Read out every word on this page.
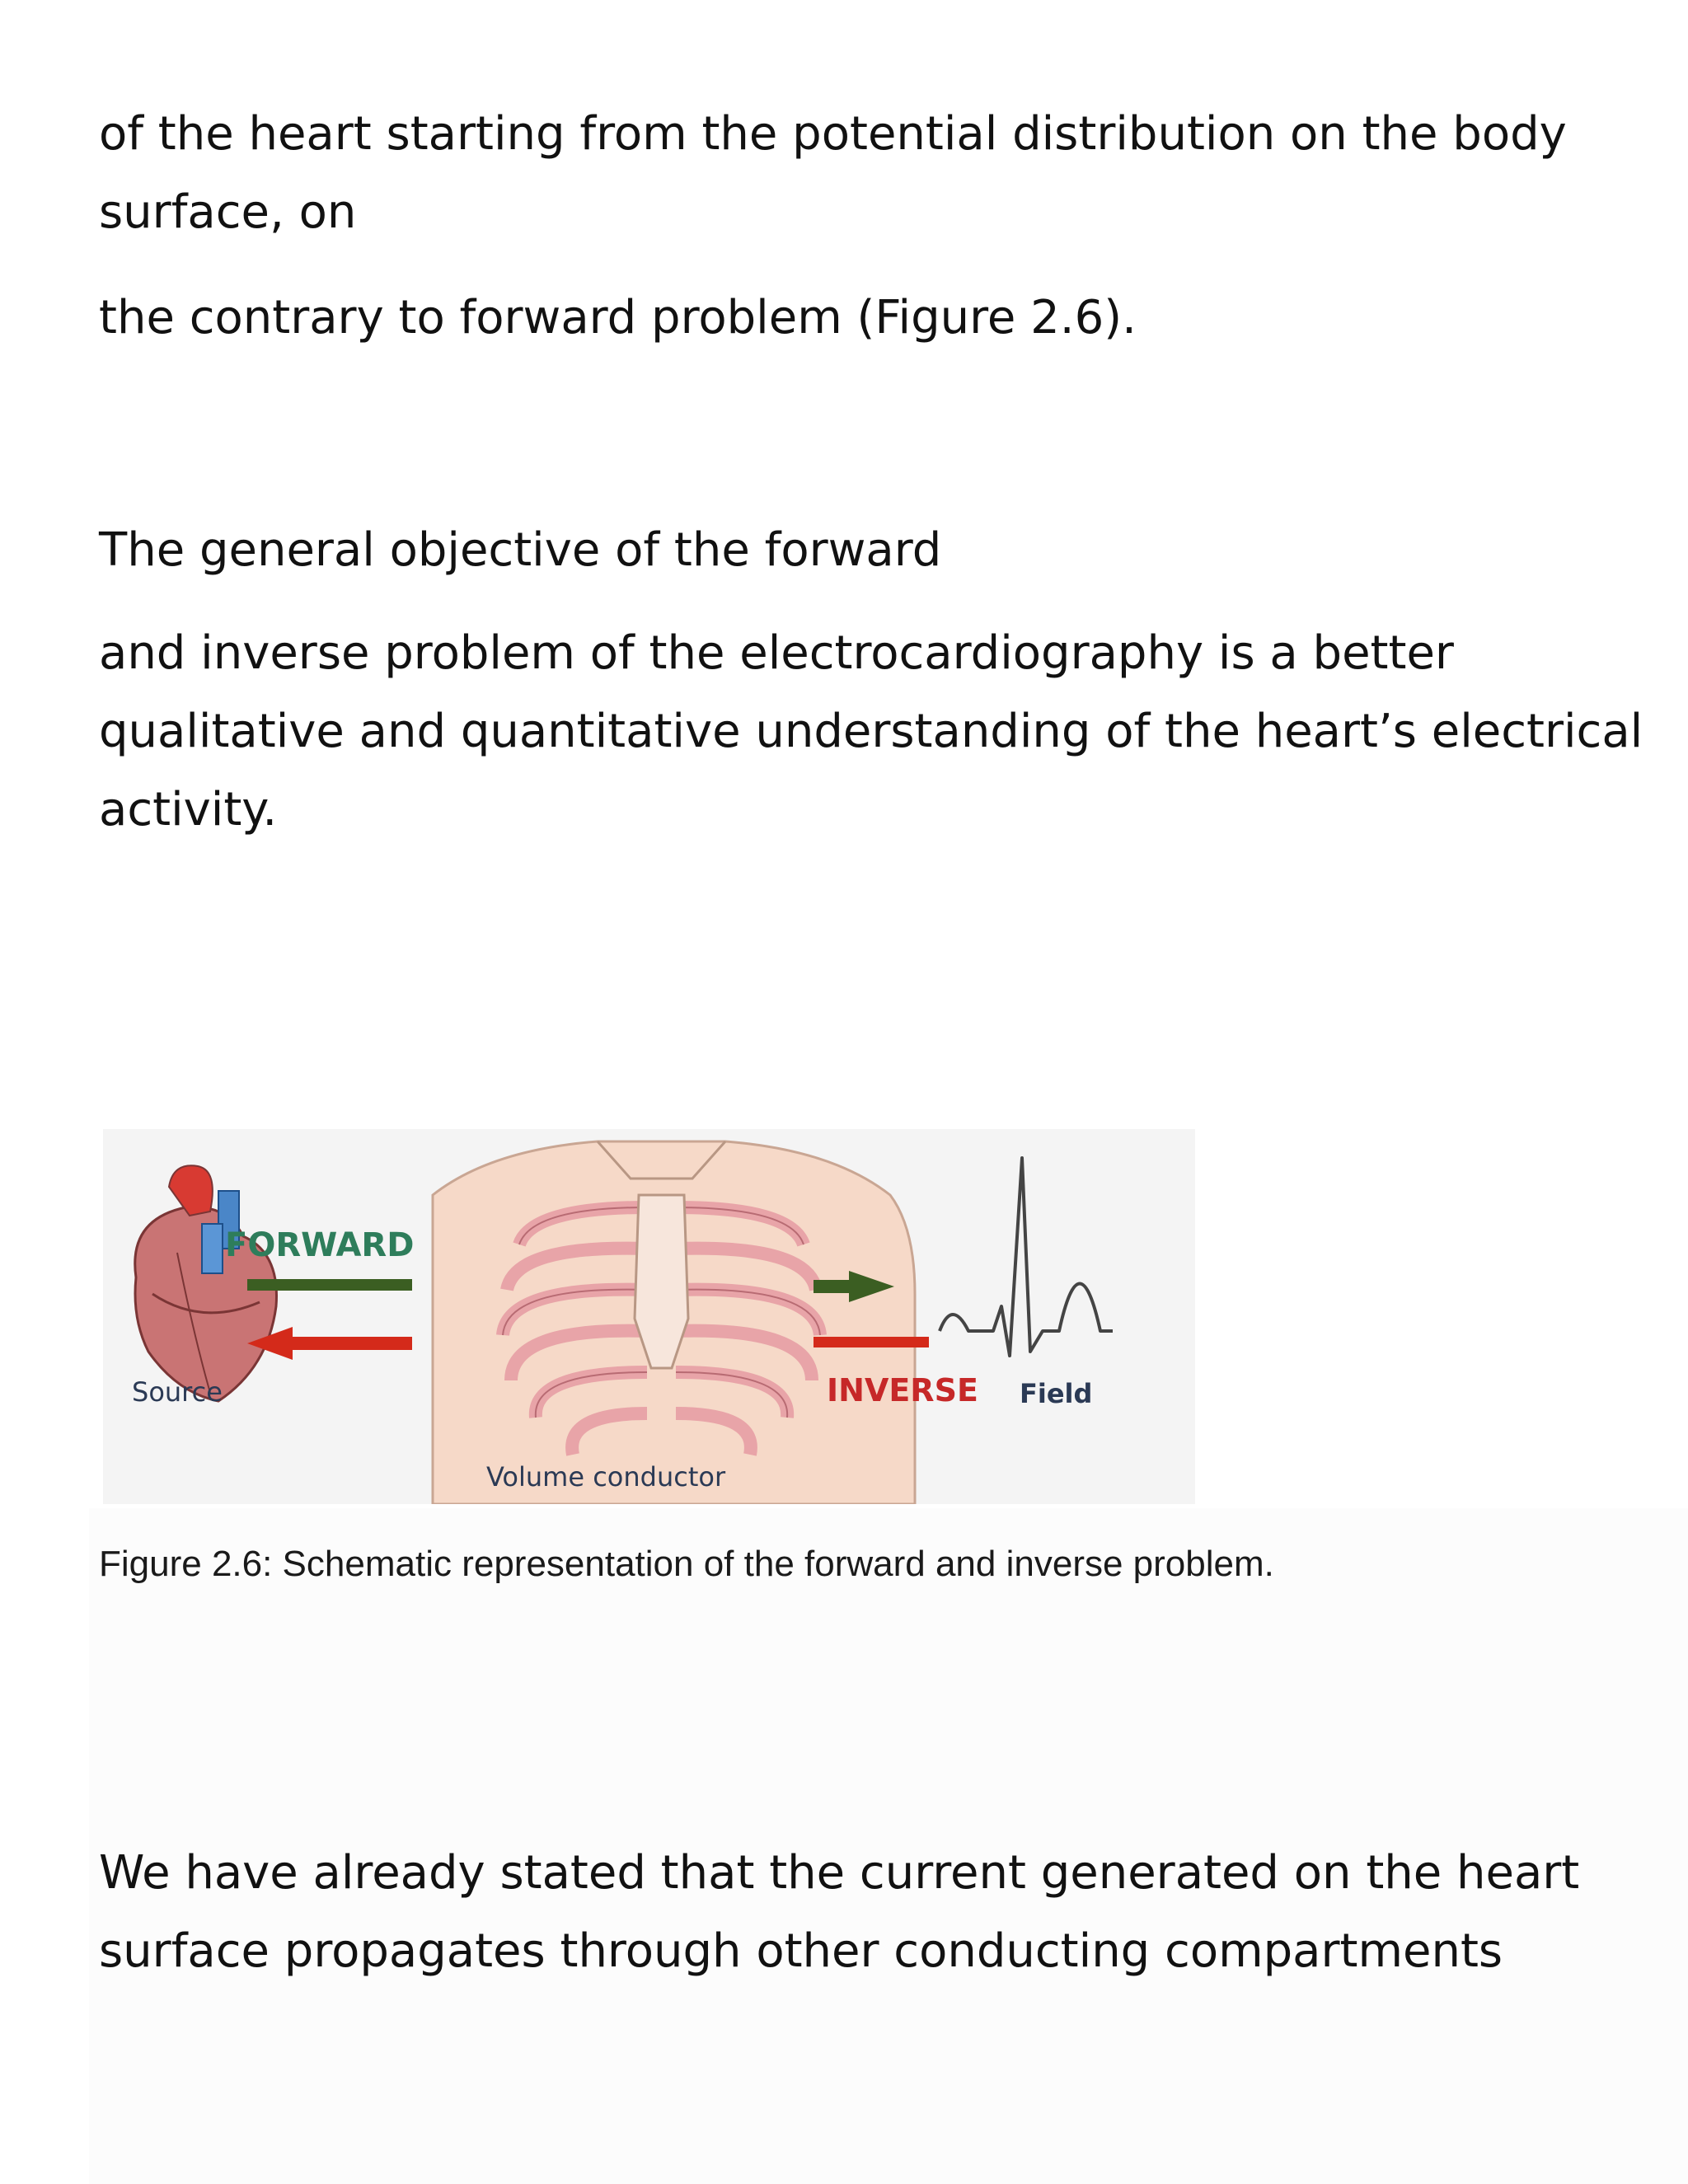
of the heart starting from the potential distribution on the body
surface, on

the contrary to forward problem (Figure 2.6).

The general objective of the forward

and inverse problem of the electrocardiography is a better
qualitative and quantitative understanding of the heart’s electrical
activity.

FORWARD
Source	INVERSE Field
Volume conductor

Figure 2.6: Schematic representation of the forward and inverse problem.

We have already stated that the current generated on the heart
surface propagates through other conducting compartments
